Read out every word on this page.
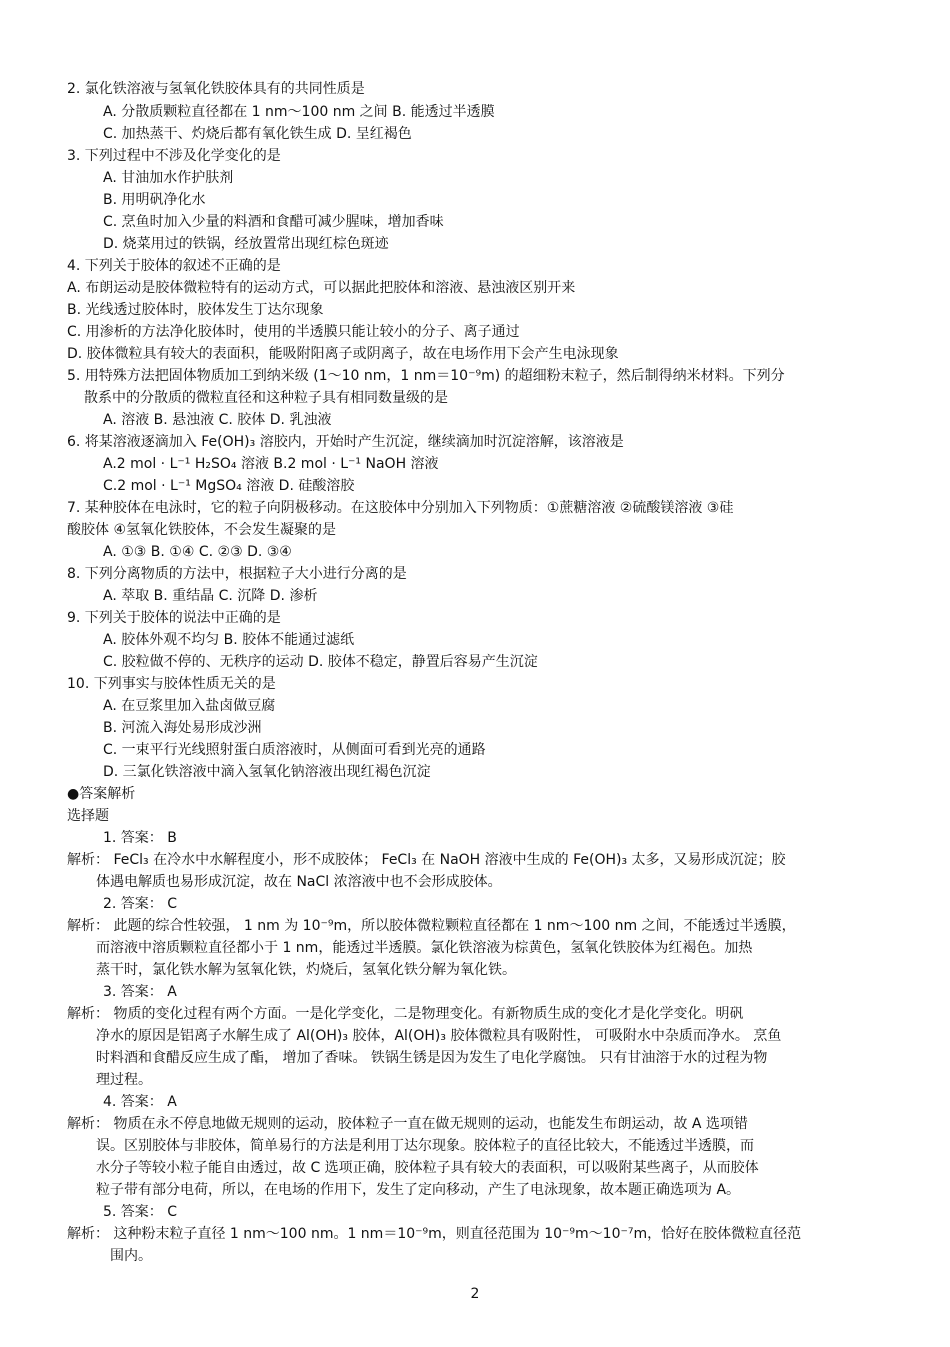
2. 氯化铁溶液与氢氧化铁胶体具有的共同性质是
A. 分散质颗粒直径都在 1 nm～100 nm 之间 B. 能透过半透膜
C. 加热蒸干、灼烧后都有氧化铁生成 D. 呈红褐色
3. 下列过程中不涉及化学变化的是
A. 甘油加水作护肤剂
B. 用明矾净化水
C. 烹鱼时加入少量的料酒和食醋可减少腥味，增加香味
D. 烧菜用过的铁锅，经放置常出现红棕色斑迹
4. 下列关于胶体的叙述不正确的是
A. 布朗运动是胶体微粒特有的运动方式，可以据此把胶体和溶液、悬浊液区别开来
B. 光线透过胶体时，胶体发生丁达尔现象
C. 用渗析的方法净化胶体时，使用的半透膜只能让较小的分子、离子通过
D. 胶体微粒具有较大的表面积，能吸附阳离子或阴离子，故在电场作用下会产生电泳现象
5. 用特殊方法把固体物质加工到纳米级 (1～10 nm，1 nm＝10⁻⁹m) 的超细粉末粒子，然后制得纳米材料。下列分
散系中的分散质的微粒直径和这种粒子具有相同数量级的是
A. 溶液 B. 悬浊液 C. 胶体 D. 乳浊液
6. 将某溶液逐滴加入 Fe(OH)₃ 溶胶内，开始时产生沉淀，继续滴加时沉淀溶解，该溶液是
A.2 mol · L⁻¹ H₂SO₄ 溶液 B.2 mol · L⁻¹ NaOH 溶液
C.2 mol · L⁻¹ MgSO₄ 溶液 D. 硅酸溶胶
7. 某种胶体在电泳时，它的粒子向阴极移动。在这胶体中分别加入下列物质：①蔗糖溶液 ②硫酸镁溶液 ③硅
酸胶体 ④氢氧化铁胶体，不会发生凝聚的是
A. ①③ B. ①④ C. ②③ D. ③④
8. 下列分离物质的方法中，根据粒子大小进行分离的是
A. 萃取 B. 重结晶 C. 沉降 D. 渗析
9. 下列关于胶体的说法中正确的是
A. 胶体外观不均匀 B. 胶体不能通过滤纸
C. 胶粒做不停的、无秩序的运动 D. 胶体不稳定，静置后容易产生沉淀
10. 下列事实与胶体性质无关的是
A. 在豆浆里加入盐卤做豆腐
B. 河流入海处易形成沙洲
C. 一束平行光线照射蛋白质溶液时，从侧面可看到光亮的通路
D. 三氯化铁溶液中滴入氢氧化钠溶液出现红褐色沉淀
●答案解析
选择题
1. 答案： B
解析： FeCl₃ 在冷水中水解程度小，形不成胶体； FeCl₃ 在 NaOH 溶液中生成的 Fe(OH)₃ 太多，又易形成沉淀；胶
体遇电解质也易形成沉淀，故在 NaCl 浓溶液中也不会形成胶体。
2. 答案： C
解析： 此题的综合性较强， 1 nm 为 10⁻⁹m，所以胶体微粒颗粒直径都在 1 nm～100 nm 之间，不能透过半透膜，
而溶液中溶质颗粒直径都小于 1 nm，能透过半透膜。氯化铁溶液为棕黄色，氢氧化铁胶体为红褐色。加热
蒸干时，氯化铁水解为氢氧化铁，灼烧后，氢氧化铁分解为氧化铁。
3. 答案： A
解析： 物质的变化过程有两个方面。一是化学变化，二是物理变化。有新物质生成的变化才是化学变化。明矾
净水的原因是铝离子水解生成了 Al(OH)₃ 胶体，Al(OH)₃ 胶体微粒具有吸附性， 可吸附水中杂质而净水。 烹鱼
时料酒和食醋反应生成了酯， 增加了香味。 铁锅生锈是因为发生了电化学腐蚀。 只有甘油溶于水的过程为物
理过程。
4. 答案： A
解析： 物质在永不停息地做无规则的运动，胶体粒子一直在做无规则的运动，也能发生布朗运动，故 A 选项错
误。区别胶体与非胶体，简单易行的方法是利用丁达尔现象。胶体粒子的直径比较大，不能透过半透膜，而
水分子等较小粒子能自由透过，故 C 选项正确，胶体粒子具有较大的表面积，可以吸附某些离子，从而胶体
粒子带有部分电荷，所以，在电场的作用下，发生了定向移动，产生了电泳现象，故本题正确选项为 A。
5. 答案： C
解析： 这种粉末粒子直径 1 nm～100 nm。1 nm＝10⁻⁹m，则直径范围为 10⁻⁹m～10⁻⁷m，恰好在胶体微粒直径范
围内。
2
